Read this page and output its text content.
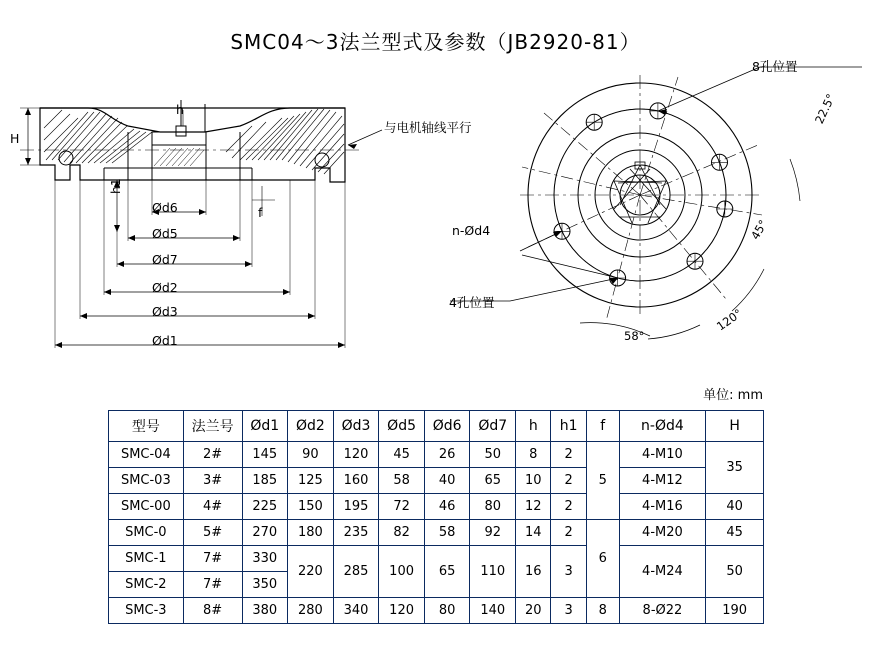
SMC04～3法兰型式及参数（JB2920-81）
H
h
h1
f
Ød6
Ød5
Ød7
Ød2
Ød3
Ød1
与电机轴线平行
8孔位置
4孔位置
n-Ød4
22.5°
45°
58°
120°
单位: mm
型号	法兰号	Ød1	Ød2	Ød3	Ød5	Ød6	Ød7	h	h1	f	n-Ød4	H
SMC-04	2#	145	90	120	45	26	50	8	2	5	4-M10	35
SMC-03	3#	185	125	160	58	40	65	10	2		4-M12	
SMC-00	4#	225	150	195	72	46	80	12	2		4-M16	40
SMC-0	5#	270	180	235	82	58	92	14	2	6	4-M20	45
SMC-1	7#	330	220	285	100	65	110	16	3		4-M24	50
SMC-2	7#	350										
SMC-3	8#	380	280	340	120	80	140	20	3	8	8-Ø22	190
